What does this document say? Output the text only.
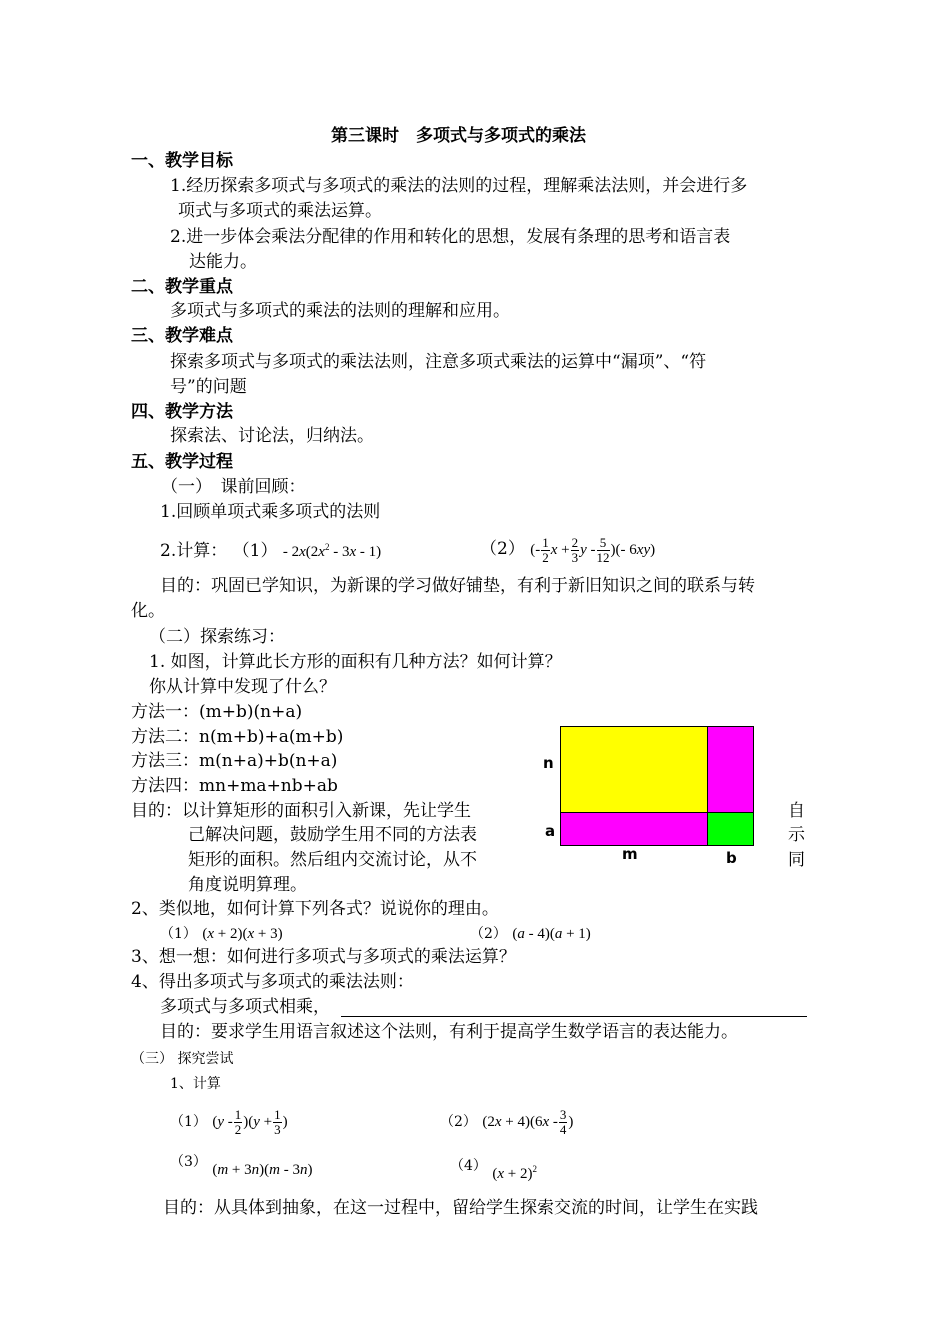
第三课时　多项式与多项式的乘法
一、教学目标
1.经历探索多项式与多项式的乘法的法则的过程，理解乘法法则，并会进行多
项式与多项式的乘法运算。
2.进一步体会乘法分配律的作用和转化的思想，发展有条理的思考和语言表
达能力。
二、教学重点
多项式与多项式的乘法的法则的理解和应用。
三、教学难点
探索多项式与多项式的乘法法则，注意多项式乘法的运算中“漏项”、“符
号”的问题
四、教学方法
探索法、讨论法，归纳法。
五、教学过程
（一）　课前回顾：
1.回顾单项式乘多项式的法则
2.计算： $(1) - 2x(2x^2 - 3x - 1)$	（2） (- $\frac{1}{2}$ $x + \frac{2}{3}$ y - $\frac{5}{12}$ )(- 6xy)
目的：巩固已学知识，为新课的学习做好铺垫，有利于新旧知识之间的联系与转
化。
（二）探索练习：
1. 如图，计算此长方形的面积有几种方法？如何计算？
你从计算中发现了什么？
方法一：(m+b)(n+a)
方法二：n(m+b)+a(m+b)
方法三：m(n+a)+b(n+a)
方法四：mn+ma+nb+ab
目的：以计算矩形的面积引入新课，先让学生
己解决问题，鼓励学生用不同的方法表
矩形的面积。然后组内交流讨论，从不
角度说明算理。
自
示
同
n
a
m	b
2、类似地，如何计算下列各式？说说你的理由。
（1） (x + 2)(x + 3)	（2） (a - 4)(a + 1)
3、想一想：如何进行多项式与多项式的乘法运算？
4、得出多项式与多项式的乘法法则：
多项式与多项式相乘，
目的：要求学生用语言叙述这个法则，有利于提高学生数学语言的表达能力。
（三） 探究尝试
1、计算
（1） $(y - \frac{1}{2} )(y + \frac{1}{3}$ )	（2） $(2x + 4)(6x - \frac{3}{4}$ )
（3） (m + 3n)(m - 3n)	（4） $(x + 2)^2$
目的：从具体到抽象，在这一过程中，留给学生探索交流的时间，让学生在实践
